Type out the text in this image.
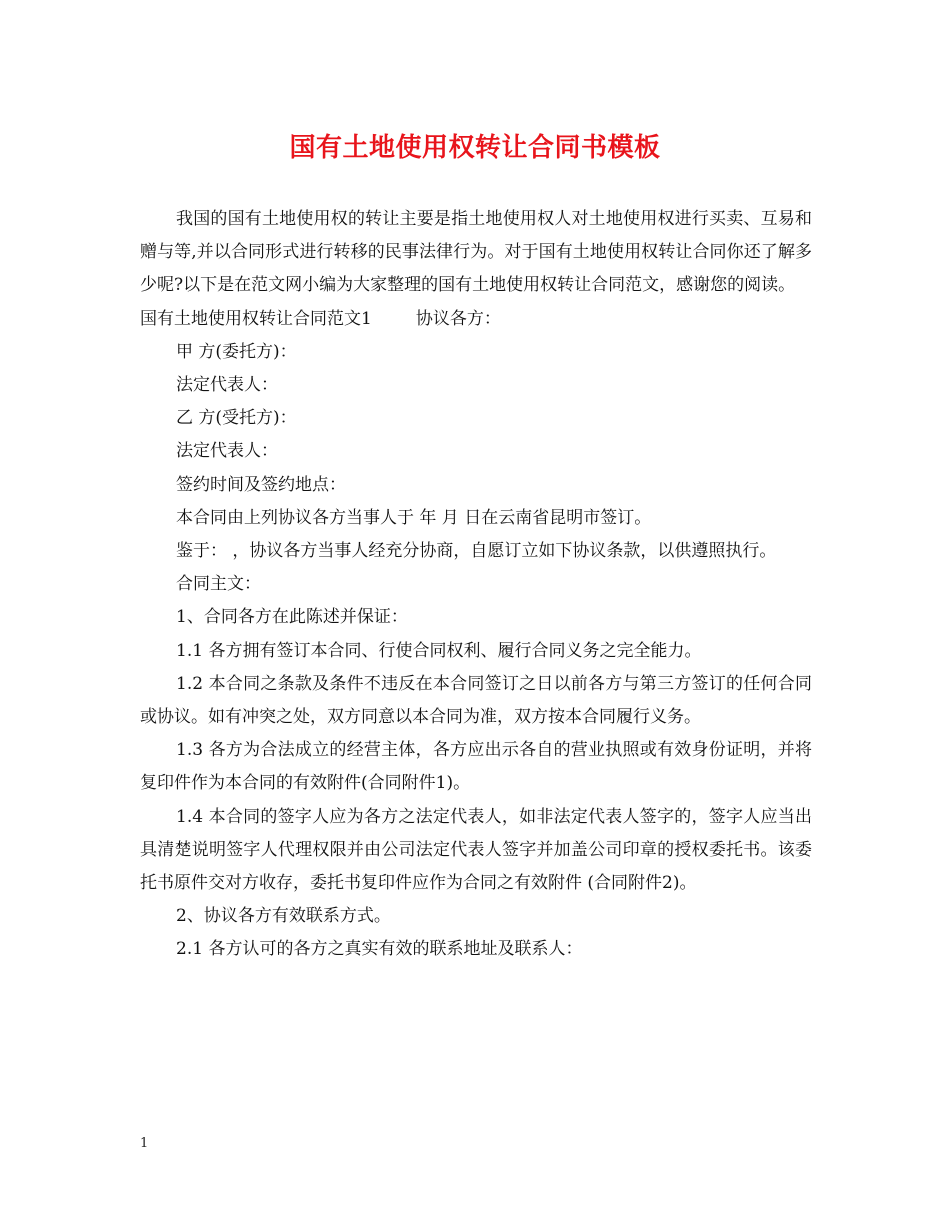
国有土地使用权转让合同书模板

我国的国有土地使用权的转让主要是指土地使用权人对土地使用权进行买卖、互易和赠与等,并以合同形式进行转移的民事法律行为。对于国有土地使用权转让合同你还了解多少呢?以下是在范文网小编为大家整理的国有土地使用权转让合同范文，感谢您的阅读。

国有土地使用权转让合同范文1	协议各方：

甲 方(委托方)：

法定代表人：

乙 方(受托方)：

法定代表人：

签约时间及签约地点：

本合同由上列协议各方当事人于 年 月 日在云南省昆明市签订。

鉴于： ，协议各方当事人经充分协商，自愿订立如下协议条款，以供遵照执行。

合同主文：

1、合同各方在此陈述并保证：

1.1 各方拥有签订本合同、行使合同权利、履行合同义务之完全能力。

1.2 本合同之条款及条件不违反在本合同签订之日以前各方与第三方签订的任何合同或协议。如有冲突之处，双方同意以本合同为准，双方按本合同履行义务。

1.3 各方为合法成立的经营主体，各方应出示各自的营业执照或有效身份证明，并将复印件作为本合同的有效附件(合同附件1)。

1.4 本合同的签字人应为各方之法定代表人，如非法定代表人签字的，签字人应当出具清楚说明签字人代理权限并由公司法定代表人签字并加盖公司印章的授权委托书。该委托书原件交对方收存，委托书复印件应作为合同之有效附件 (合同附件2)。

2、协议各方有效联系方式。

2.1 各方认可的各方之真实有效的联系地址及联系人：

1
